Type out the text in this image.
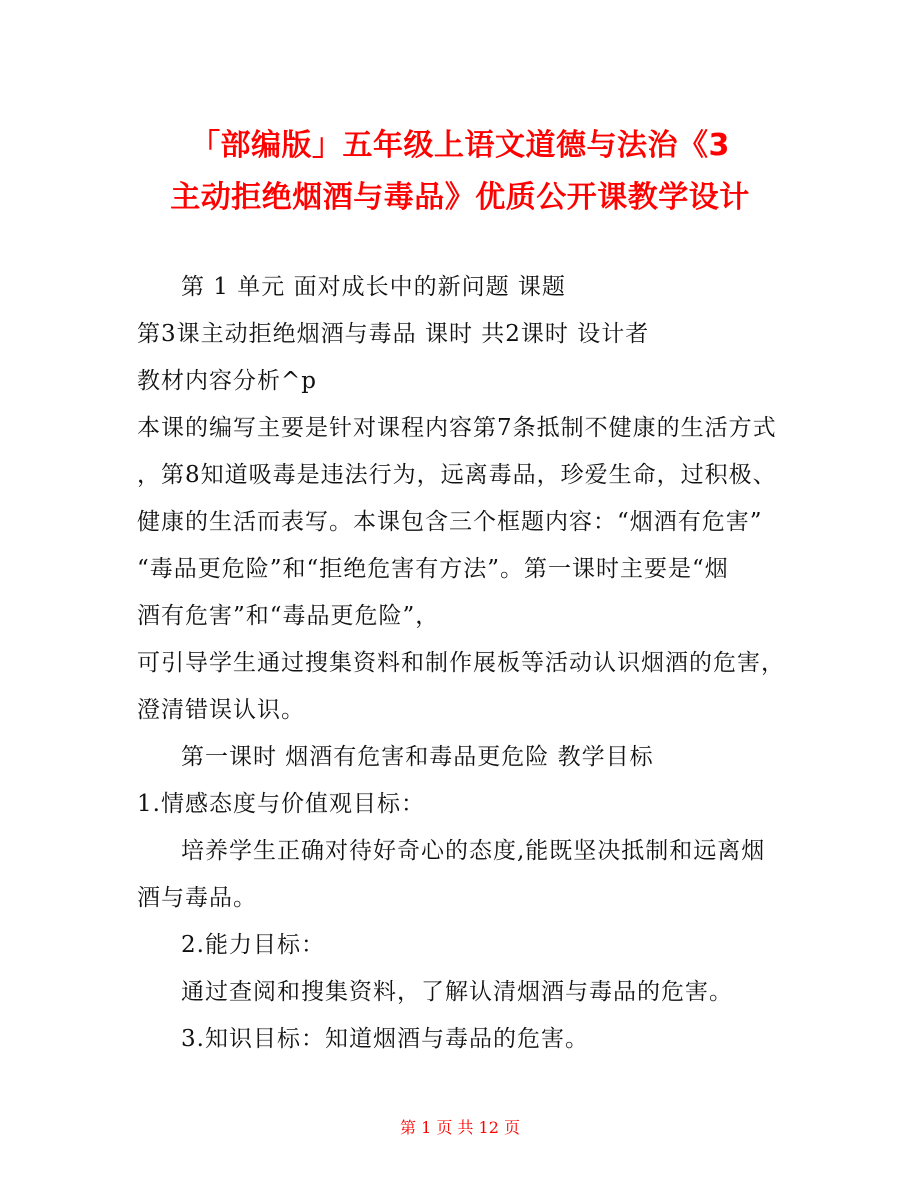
「部编版」五年级上语文道德与法治《3
主动拒绝烟酒与毒品》优质公开课教学设计
第 1 单元 面对成长中的新问题 课题
第3课主动拒绝烟酒与毒品 课时 共2课时 设计者
教材内容分析^p
本课的编写主要是针对课程内容第7条抵制不健康的生活方式
，第8知道吸毒是违法行为，远离毒品，珍爱生命，过积极、
健康的生活而表写。本课包含三个框题内容：“烟酒有危害”
“毒品更危险”和“拒绝危害有方法”。第一课时主要是“烟
酒有危害”和“毒品更危险”，
可引导学生通过搜集资料和制作展板等活动认识烟酒的危害，
澄清错误认识。
第一课时 烟酒有危害和毒品更危险 教学目标
1.情感态度与价值观目标：
培养学生正确对待好奇心的态度,能既坚决抵制和远离烟
酒与毒品。
2.能力目标：
通过查阅和搜集资料，了解认清烟酒与毒品的危害。
3.知识目标：知道烟酒与毒品的危害。
第 1 页 共 12 页
